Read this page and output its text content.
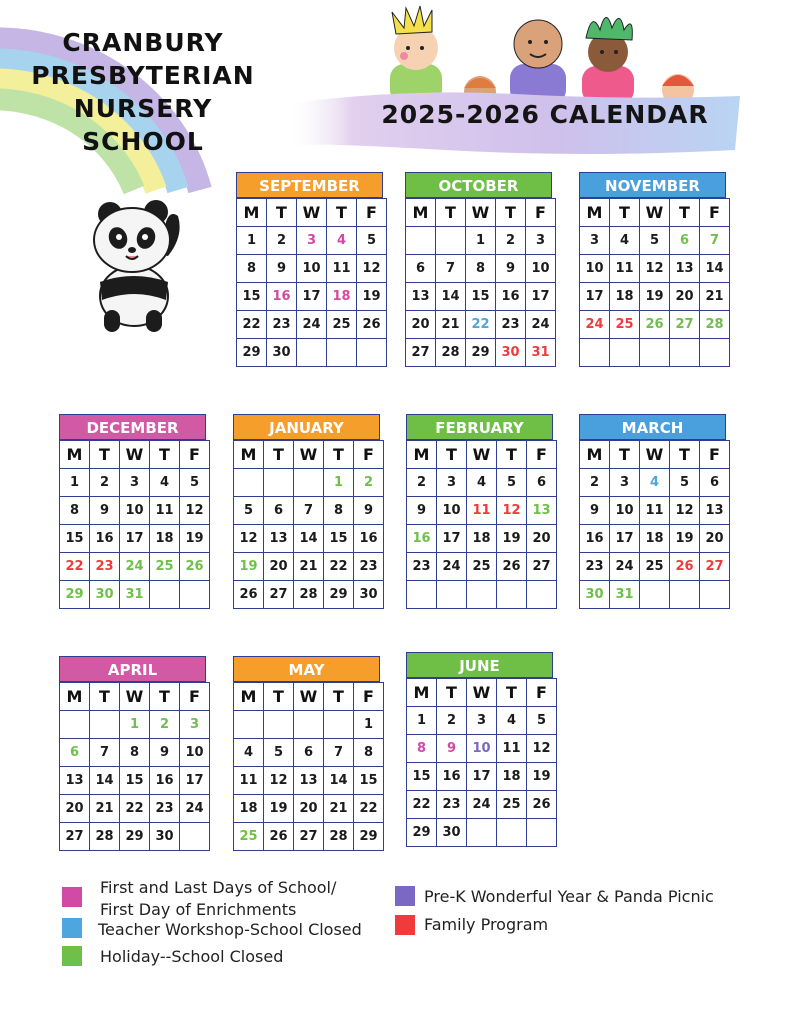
CRANBURY
PRESBYTERIAN
NURSERY
SCHOOL
2025-2026 CALENDAR
SEPTEMBER
M	T	W	T	F
1	2	3	4	5
8	9	10	11	12
15	16	17	18	19
22	23	24	25	26
29	30			
OCTOBER
M	T	W	T	F
		1	2	3
6	7	8	9	10
13	14	15	16	17
20	21	22	23	24
27	28	29	30	31
NOVEMBER
M	T	W	T	F
3	4	5	6	7
10	11	12	13	14
17	18	19	20	21
24	25	26	27	28

DECEMBER
M	T	W	T	F
1	2	3	4	5
8	9	10	11	12
15	16	17	18	19
22	23	24	25	26
29	30	31		
JANUARY
M	T	W	T	F
			1	2
5	6	7	8	9
12	13	14	15	16
19	20	21	22	23
26	27	28	29	30
FEBRUARY
M	T	W	T	F
2	3	4	5	6
9	10	11	12	13
16	17	18	19	20
23	24	25	26	27

MARCH
M	T	W	T	F
2	3	4	5	6
9	10	11	12	13
16	17	18	19	20
23	24	25	26	27
30	31			
APRIL
M	T	W	T	F
		1	2	3
6	7	8	9	10
13	14	15	16	17
20	21	22	23	24
27	28	29	30	
MAY
M	T	W	T	F
				1
4	5	6	7	8
11	12	13	14	15
18	19	20	21	22
25	26	27	28	29
JUNE
M	T	W	T	F
1	2	3	4	5
8	9	10	11	12
15	16	17	18	19
22	23	24	25	26
29	30			
First and Last Days of School/
First Day of Enrichments
Teacher Workshop-School Closed
Holiday--School Closed
Pre-K Wonderful Year & Panda Picnic
Family Program
